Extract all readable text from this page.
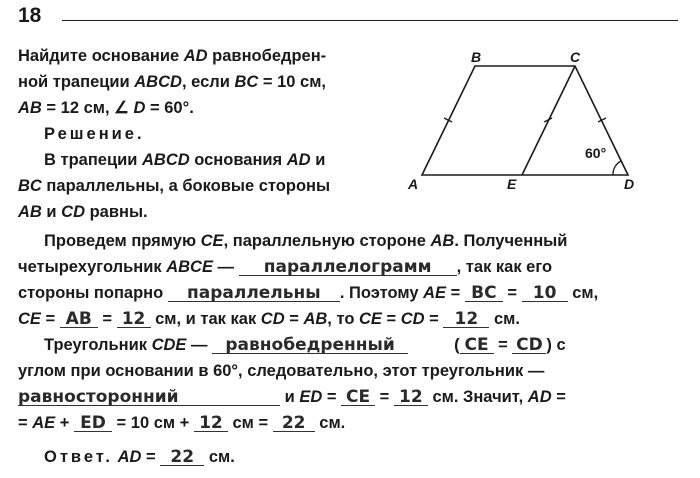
18
Найдите основание AD равнобедрен-
ной трапеции ABCD, если BC = 10 см,
AB = 12 см, ∠ D = 60°.
Решение.
В трапеции ABCD основания AD и
BC параллельны, а боковые стороны
AB и CD равны.
60°
A
B	C
D
E
Проведем прямую CE, параллельную стороне AB. Полученный
четырехугольник ABCE — параллелограмм , так как его
стороны попарно параллельны . Поэтому AE = BC = 10 см,
CE = AB = 12 см, и так как CD = AB, то CE = CD = 12 см.
Треугольник CDE — равнобедренный	( CE = CD ) с
углом при основании в 60°, следовательно, этот треугольник —
равносторонний	и ED = CE = 12 см. Значит, AD =
= AE + ED = 10 см + 12 см = 22 см.
Ответ. AD = 22 см.
